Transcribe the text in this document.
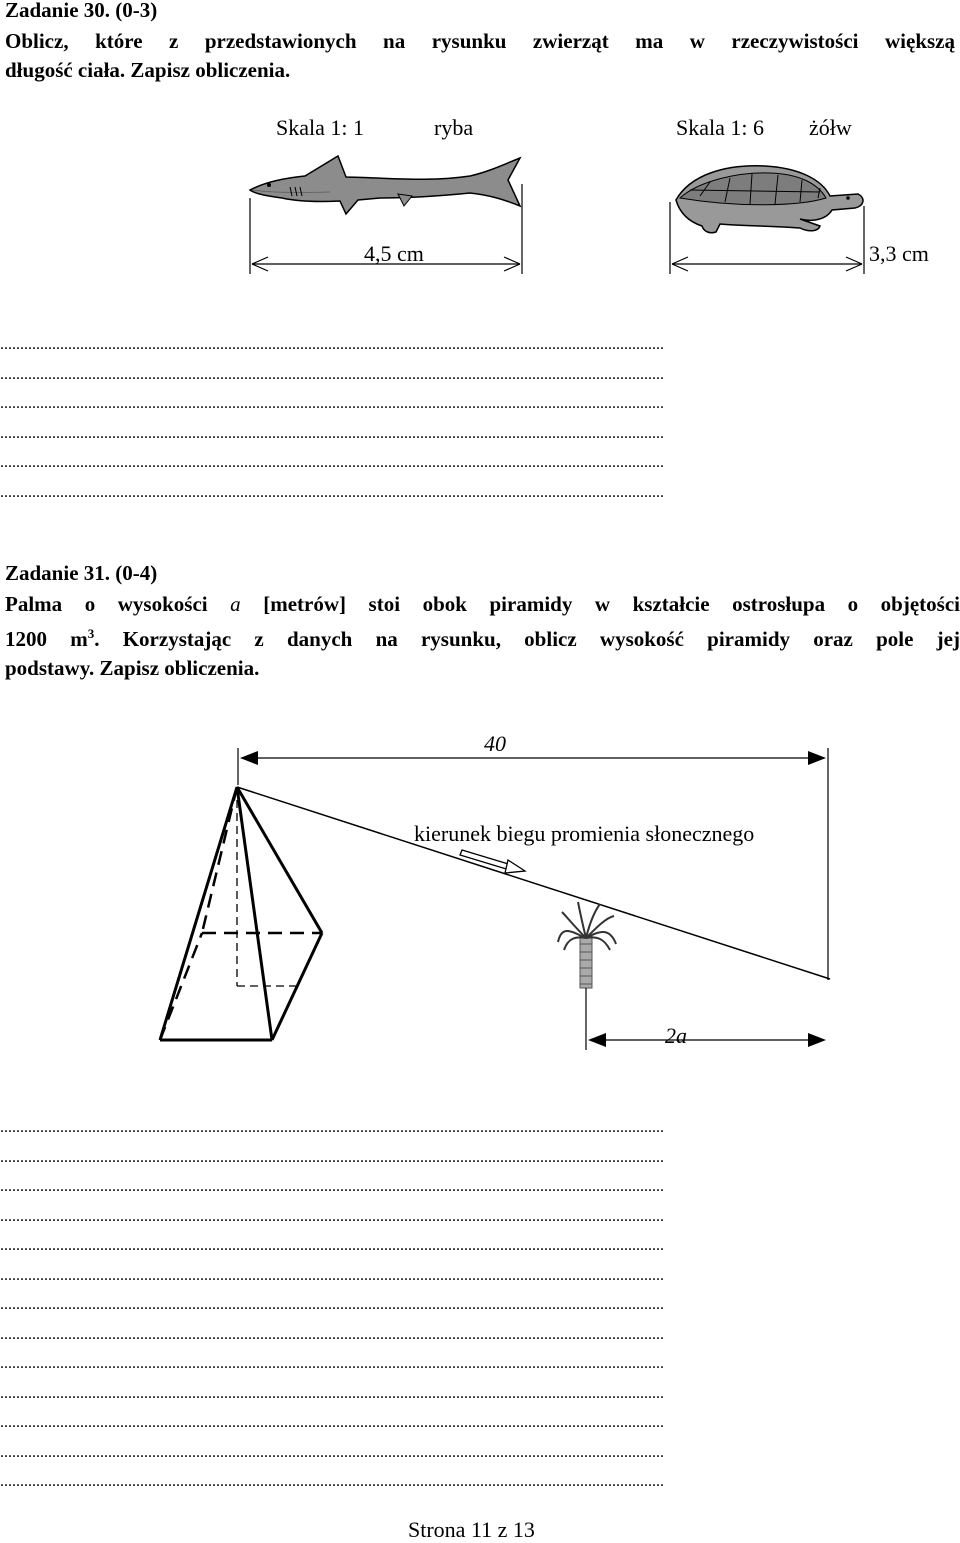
Zadanie 30. (0-3)
Oblicz, które z przedstawionych na rysunku zwierząt ma w rzeczywistości większą
długość ciała. Zapisz obliczenia.
Skala 1: 1	ryba	Skala 1: 6 żółw
4,5 cm	3,3 cm
......................................................................................................................................................................
......................................................................................................................................................................
......................................................................................................................................................................
......................................................................................................................................................................
......................................................................................................................................................................
......................................................................................................................................................................
Zadanie 31. (0-4)
Palma o wysokości a [metrów] stoi obok piramidy w kształcie ostrosłupa o objętości
1200 $m^3$. Korzystając z danych na rysunku, oblicz wysokość piramidy oraz pole jej
podstawy. Zapisz obliczenia.
40
kierunek biegu promienia słonecznego
2a
......................................................................................................................................................................
......................................................................................................................................................................
......................................................................................................................................................................
......................................................................................................................................................................
......................................................................................................................................................................
......................................................................................................................................................................
......................................................................................................................................................................
......................................................................................................................................................................
......................................................................................................................................................................
......................................................................................................................................................................
......................................................................................................................................................................
......................................................................................................................................................................
......................................................................................................................................................................
Strona 11 z 13
